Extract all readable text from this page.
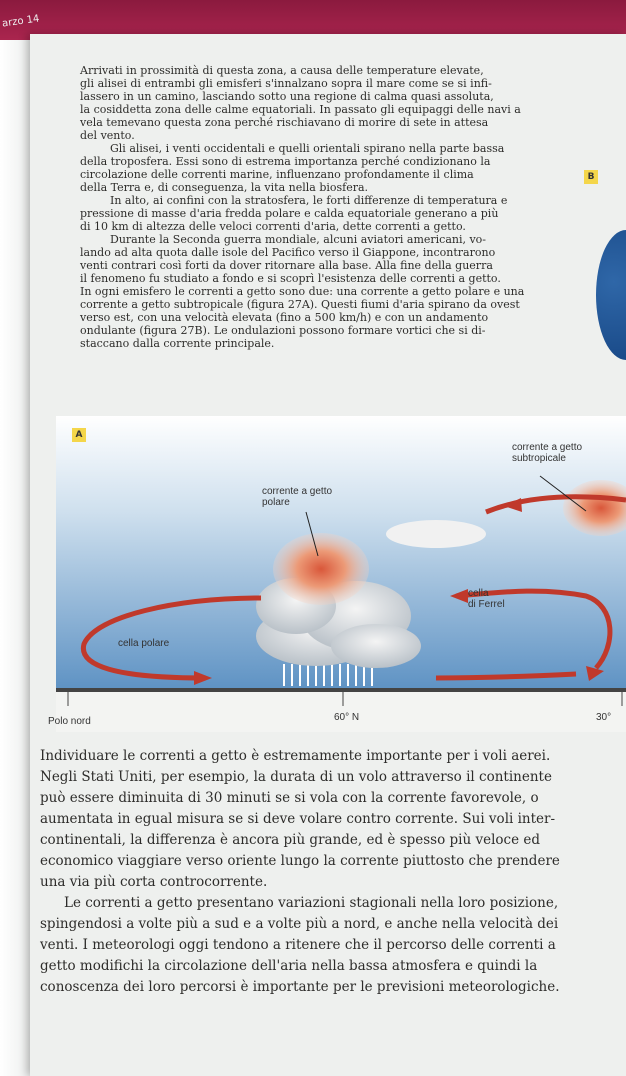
arzo 14
Arrivati in prossimità di questa zona, a causa delle temperature elevate,
gli alisei di entrambi gli emisferi s'innalzano sopra il mare come se si infi-
lassero in un camino, lasciando sotto una regione di calma quasi assoluta,
la cosiddetta zona delle calme equatoriali. In passato gli equipaggi delle navi a
vela temevano questa zona perché rischiavano di morire di sete in attesa
del vento.
Gli alisei, i venti occidentali e quelli orientali spirano nella parte bassa
della troposfera. Essi sono di estrema importanza perché condizionano la
circolazione delle correnti marine, influenzano profondamente il clima
della Terra e, di conseguenza, la vita nella biosfera.
In alto, ai confini con la stratosfera, le forti differenze di temperatura e
pressione di masse d'aria fredda polare e calda equatoriale generano a più
di 10 km di altezza delle veloci correnti d'aria, dette correnti a getto.
Durante la Seconda guerra mondiale, alcuni aviatori americani, vo-
lando ad alta quota dalle isole del Pacifico verso il Giappone, incontrarono
venti contrari così forti da dover ritornare alla base. Alla fine della guerra
il fenomeno fu studiato a fondo e si scoprì l'esistenza delle correnti a getto.
In ogni emisfero le correnti a getto sono due: una corrente a getto polare e una
corrente a getto subtropicale (figura 27A). Questi fiumi d'aria spirano da ovest
verso est, con una velocità elevata (fino a 500 km/h) e con un andamento
ondulante (figura 27B). Le ondulazioni possono formare vortici che si di-
staccano dalla corrente principale.
B
A
corrente a getto
subtropicale
corrente a getto
polare
cella
di Ferrel
cella polare
Polo nord	60° N	30°
Individuare le correnti a getto è estremamente importante per i voli aerei.
Negli Stati Uniti, per esempio, la durata di un volo attraverso il continente
può essere diminuita di 30 minuti se si vola con la corrente favorevole, o
aumentata in egual misura se si deve volare contro corrente. Sui voli inter-
continentali, la differenza è ancora più grande, ed è spesso più veloce ed
economico viaggiare verso oriente lungo la corrente piuttosto che prendere
una via più corta controcorrente.
Le correnti a getto presentano variazioni stagionali nella loro posizione,
spingendosi a volte più a sud e a volte più a nord, e anche nella velocità dei
venti. I meteorologi oggi tendono a ritenere che il percorso delle correnti a
getto modifichi la circolazione dell'aria nella bassa atmosfera e quindi la
conoscenza dei loro percorsi è importante per le previsioni meteorologiche.
